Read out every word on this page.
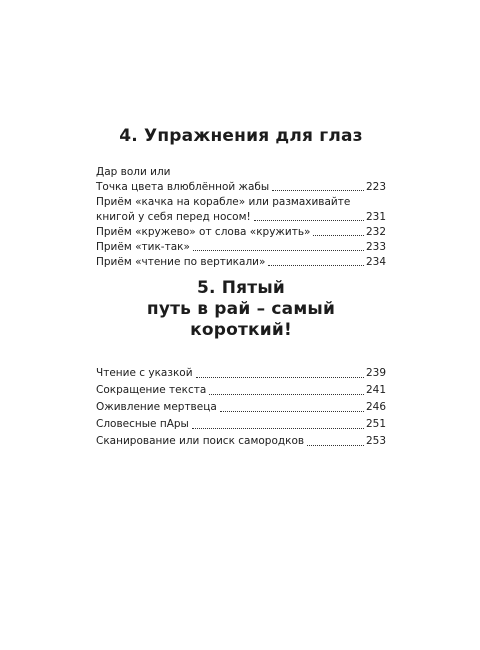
4. Упражнения для глаз
Дар воли или
Точка цвета влюблённой жабы	223
Приём «качка на корабле» или размахивайте
книгой у себя перед носом!	231
Приём «кружево» от слова «кружить»	232
Приём «тик-так»	233
Приём «чтение по вертикали»	234
5. Пятый
путь в рай – самый короткий!
Чтение с указкой	239
Сокращение текста	241
Оживление мертвеца	246
Словесные пАры	251
Сканирование или поиск самородков	253
